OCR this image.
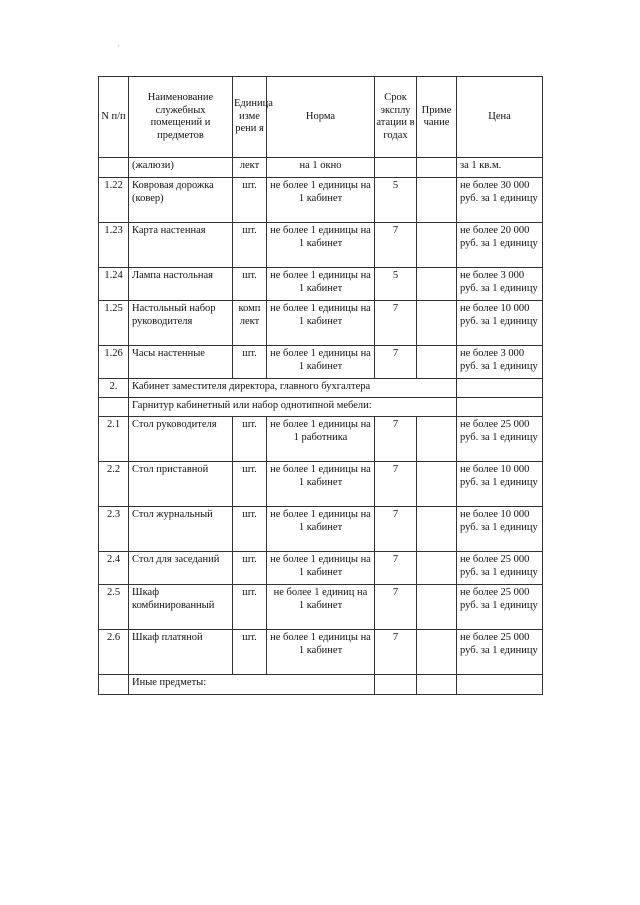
N п/п	Наименование служебных помещений и предметов	Единица изме рени я	Норма	Срок эксплу атации в годах	Приме чание	Цена
	(жалюзи)	лект	на 1 окно			за 1 кв.м.
1.22	Ковровая дорожка (ковер)	шт.	не более 1 единицы на 1 кабинет	5		не более 30 000 руб. за 1 единицу
1.23	Карта настенная	шт.	не более 1 единицы на 1 кабинет	7		не более 20 000 руб. за 1 единицу
1.24	Лампа настольная	шт.	не более 1 единицы на 1 кабинет	5		не более 3 000 руб. за 1 единицу
1.25	Настольный набор руководителя	комп лект	не более 1 единицы на 1 кабинет	7		не более 10 000 руб. за 1 единицу
1.26	Часы настенные	шт.	не более 1 единицы на 1 кабинет	7		не более 3 000 руб. за 1 единицу
2.	Кабинет заместителя директора, главного бухгалтера					
	Гарнитур кабинетный или набор однотипной мебели:					
2.1	Стол руководителя	шт.	не более 1 единицы на 1 работника	7		не более 25 000 руб. за 1 единицу
2.2	Стол приставной	шт.	не более 1 единицы на 1 кабинет	7		не более 10 000 руб. за 1 единицу
2.3	Стол журнальный	шт.	не более 1 единицы на 1 кабинет	7		не более 10 000 руб. за 1 единицу
2.4	Стол для заседаний	шт.	не более 1 единицы на 1 кабинет	7		не более 25 000 руб. за 1 единицу
2.5	Шкаф комбинированный	шт.	не более 1 единиц на 1 кабинет	7		не более 25 000 руб. за 1 единицу
2.6	Шкаф платяной	шт.	не более 1 единицы на 1 кабинет	7		не более 25 000 руб. за 1 единицу
	Иные предметы:					
